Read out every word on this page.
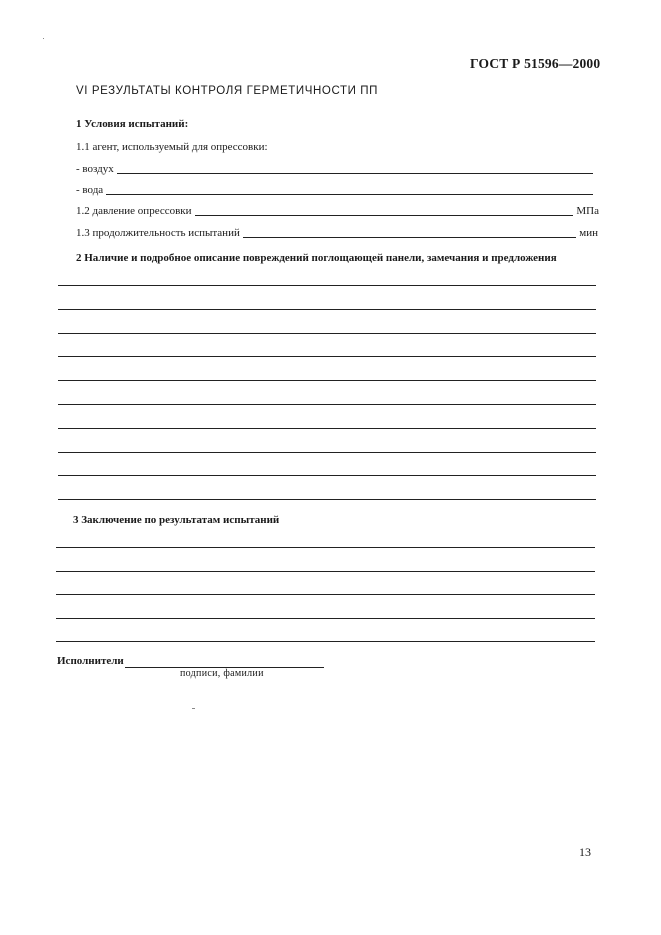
ГОСТ Р 51596—2000
VI РЕЗУЛЬТАТЫ КОНТРОЛЯ ГЕРМЕТИЧНОСТИ ПП
1 Условия испытаний:
1.1 агент, используемый для опрессовки:
- воздух
- вода
1.2 давление опрессовки	МПа
1.3 продолжительность испытаний	мин
2 Наличие и подробное описание повреждений поглощающей панели, замечания и предложения
3 Заключение по результатам испытаний
Исполнители
подписи, фамилии
13
